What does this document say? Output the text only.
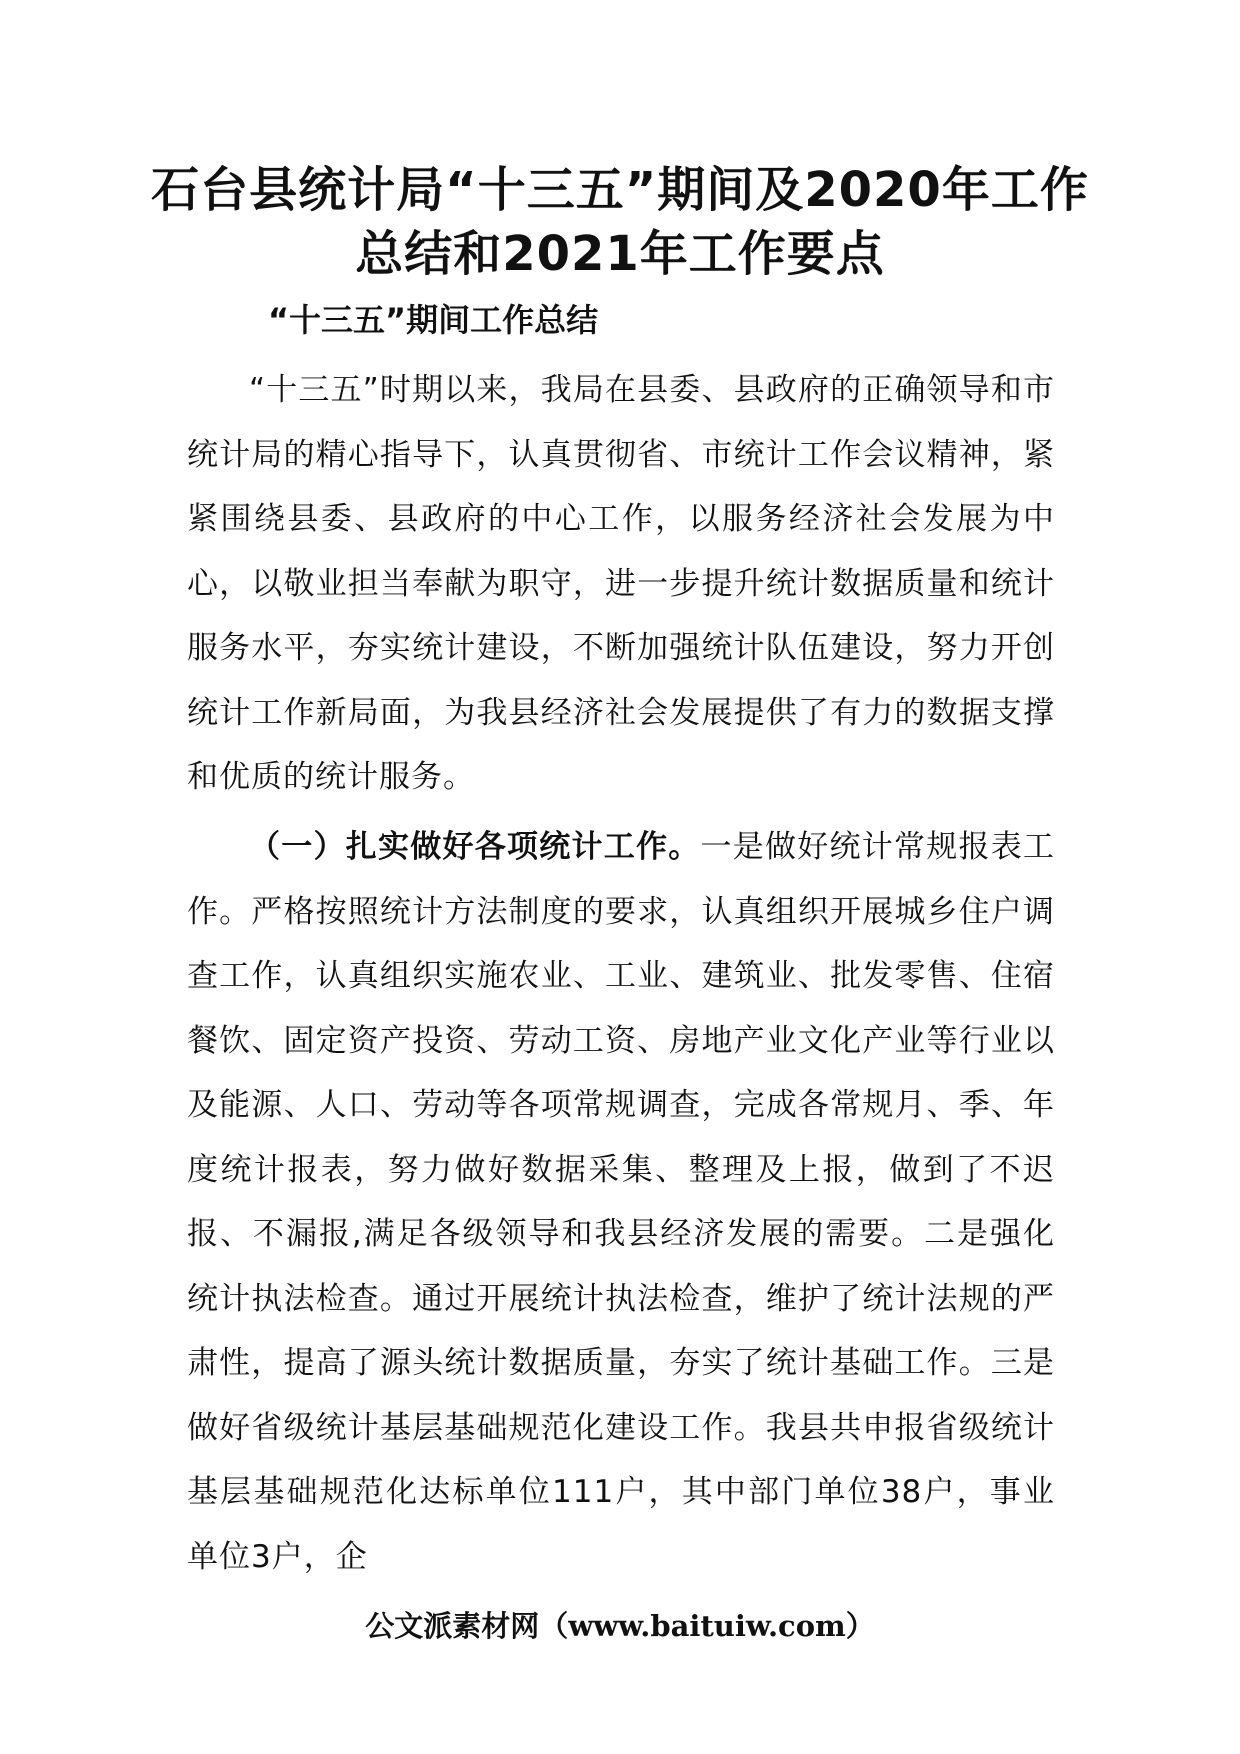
石台县统计局“十三五”期间及2020年工作总结和2021年工作要点
“十三五”期间工作总结

“十三五”时期以来，我局在县委、县政府的正确领导和市统计局的精心指导下，认真贯彻省、市统计工作会议精神，紧紧围绕县委、县政府的中心工作，以服务经济社会发展为中心，以敬业担当奉献为职守，进一步提升统计数据质量和统计服务水平，夯实统计建设，不断加强统计队伍建设，努力开创统计工作新局面，为我县经济社会发展提供了有力的数据支撑和优质的统计服务。

（一）扎实做好各项统计工作。一是做好统计常规报表工作。严格按照统计方法制度的要求，认真组织开展城乡住户调查工作，认真组织实施农业、工业、建筑业、批发零售、住宿餐饮、固定资产投资、劳动工资、房地产业文化产业等行业以及能源、人口、劳动等各项常规调查，完成各常规月、季、年度统计报表，努力做好数据采集、整理及上报，做到了不迟报、不漏报,满足各级领导和我县经济发展的需要。二是强化统计执法检查。通过开展统计执法检查，维护了统计法规的严肃性，提高了源头统计数据质量，夯实了统计基础工作。三是做好省级统计基层基础规范化建设工作。我县共申报省级统计基层基础规范化达标单位111户，其中部门单位38户，事业单位3户，企

公文派素材网（www.baituiw.com）
